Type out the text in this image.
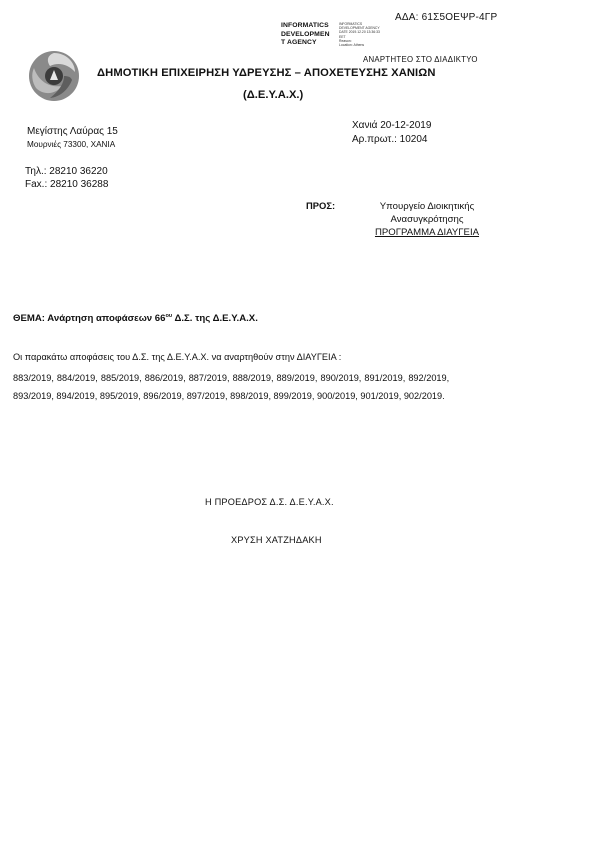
ΑΔΑ: 61Σ5ΟΕΨΡ-4ΓΡ
INFORMATICS
DEVELOPMEN
T AGENCY
INFORMATICS
DEVELOPMENT AGENCY
DATE 2019.12.20 13:36:33
EET
Reason:
Location: Athens
ΑΝΑΡΤΗΤΕΟ ΣΤΟ ΔΙΑΔΙΚΤΥΟ
ΔΗΜΟΤΙΚΗ ΕΠΙΧΕΙΡΗΣΗ ΥΔΡΕΥΣΗΣ – ΑΠΟΧΕΤΕΥΣΗΣ ΧΑΝΙΩΝ
(Δ.Ε.Υ.Α.Χ.)
Μεγίστης Λαύρας 15
Μουρνιές 73300, ΧΑΝΙΑ
Χανιά 20-12-2019
Αρ.πρωτ.: 10204
Τηλ.: 28210 36220
Fax.: 28210 36288
ΠΡΟΣ:	Υπουργείο Διοικητικής
Ανασυγκρότησης
ΠΡΟΓΡΑΜΜΑ ΔΙΑΥΓΕΙΑ
ΘΕΜΑ: Ανάρτηση αποφάσεων $66^{o\upsilon}$ Δ.Σ. της Δ.Ε.Υ.Α.Χ.
Οι παρακάτω αποφάσεις του Δ.Σ. της Δ.Ε.Υ.Α.Χ. να αναρτηθούν στην ΔΙΑΥΓΕΙΑ :
883/2019, 884/2019, 885/2019, 886/2019, 887/2019, 888/2019, 889/2019, 890/2019, 891/2019, 892/2019,
893/2019, 894/2019, 895/2019, 896/2019, 897/2019, 898/2019, 899/2019, 900/2019, 901/2019, 902/2019.
Η ΠΡΟΕΔΡΟΣ Δ.Σ. Δ.Ε.Υ.Α.Χ.
ΧΡΥΣΗ ΧΑΤΖΗΔΑΚΗ
